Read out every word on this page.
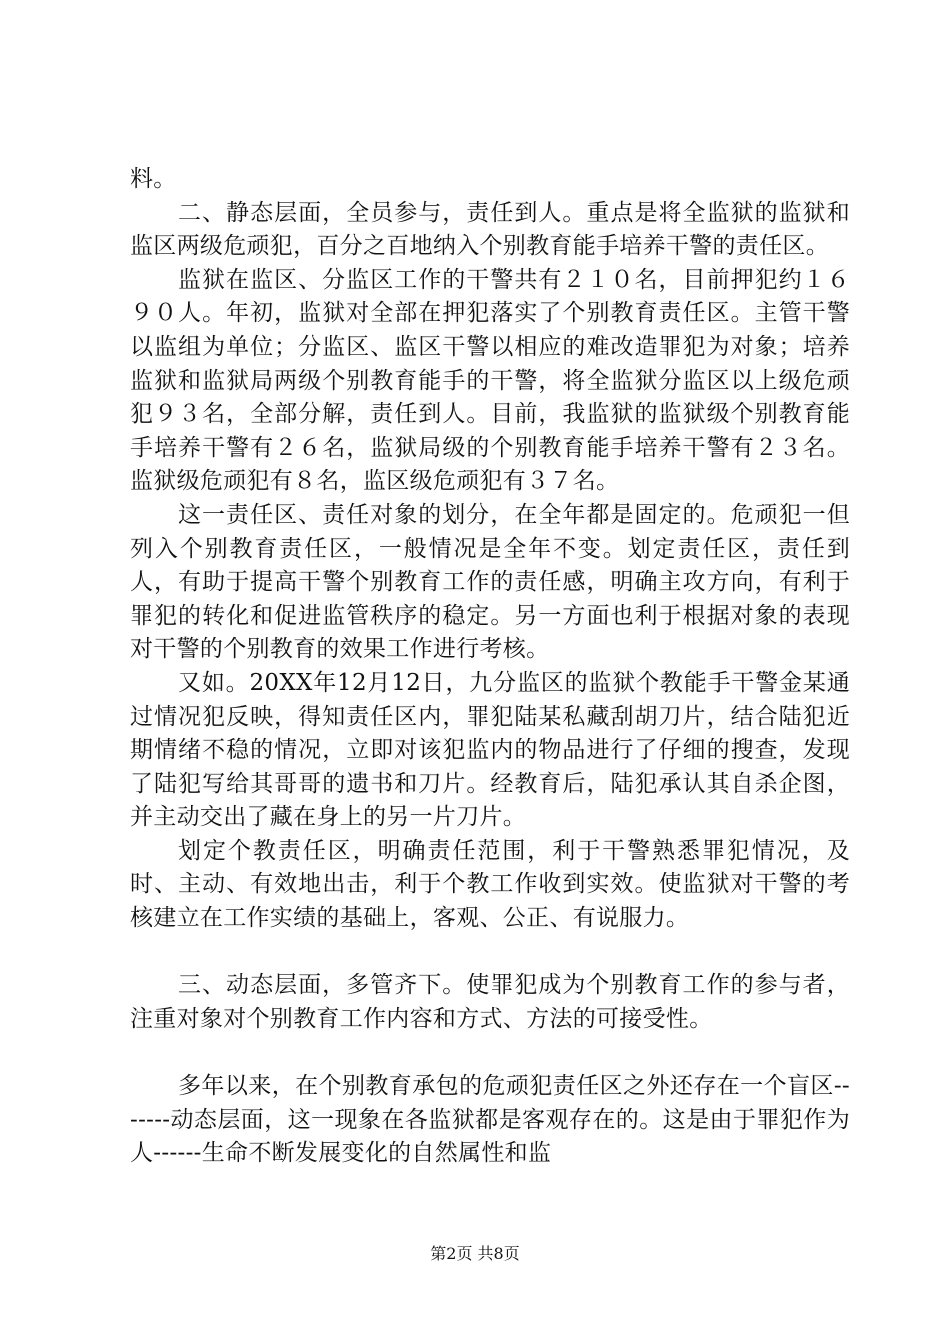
料。

二、静态层面，全员参与，责任到人。重点是将全监狱的监狱和监区两级危顽犯，百分之百地纳入个别教育能手培养干警的责任区。

监狱在监区、分监区工作的干警共有２１０名，目前押犯约１６９０人。年初，监狱对全部在押犯落实了个别教育责任区。主管干警以监组为单位；分监区、监区干警以相应的难改造罪犯为对象；培养监狱和监狱局两级个别教育能手的干警，将全监狱分监区以上级危顽犯９３名，全部分解，责任到人。目前，我监狱的监狱级个别教育能手培养干警有２６名，监狱局级的个别教育能手培养干警有２３名。监狱级危顽犯有８名，监区级危顽犯有３７名。

这一责任区、责任对象的划分，在全年都是固定的。危顽犯一但列入个别教育责任区，一般情况是全年不变。划定责任区，责任到人，有助于提高干警个别教育工作的责任感，明确主攻方向，有利于罪犯的转化和促进监管秩序的稳定。另一方面也利于根据对象的表现对干警的个别教育的效果工作进行考核。

又如。20XX年12月12日，九分监区的监狱个教能手干警金某通过情况犯反映，得知责任区内，罪犯陆某私藏刮胡刀片，结合陆犯近期情绪不稳的情况，立即对该犯监内的物品进行了仔细的搜查，发现了陆犯写给其哥哥的遗书和刀片。经教育后，陆犯承认其自杀企图，并主动交出了藏在身上的另一片刀片。

划定个教责任区，明确责任范围，利于干警熟悉罪犯情况，及时、主动、有效地出击，利于个教工作收到实效。使监狱对干警的考核建立在工作实绩的基础上，客观、公正、有说服力。

三、动态层面，多管齐下。使罪犯成为个别教育工作的参与者，注重对象对个别教育工作内容和方式、方法的可接受性。

多年以来，在个别教育承包的危顽犯责任区之外还存在一个盲区-------动态层面，这一现象在各监狱都是客观存在的。这是由于罪犯作为人------生命不断发展变化的自然属性和监

第2页 共8页
